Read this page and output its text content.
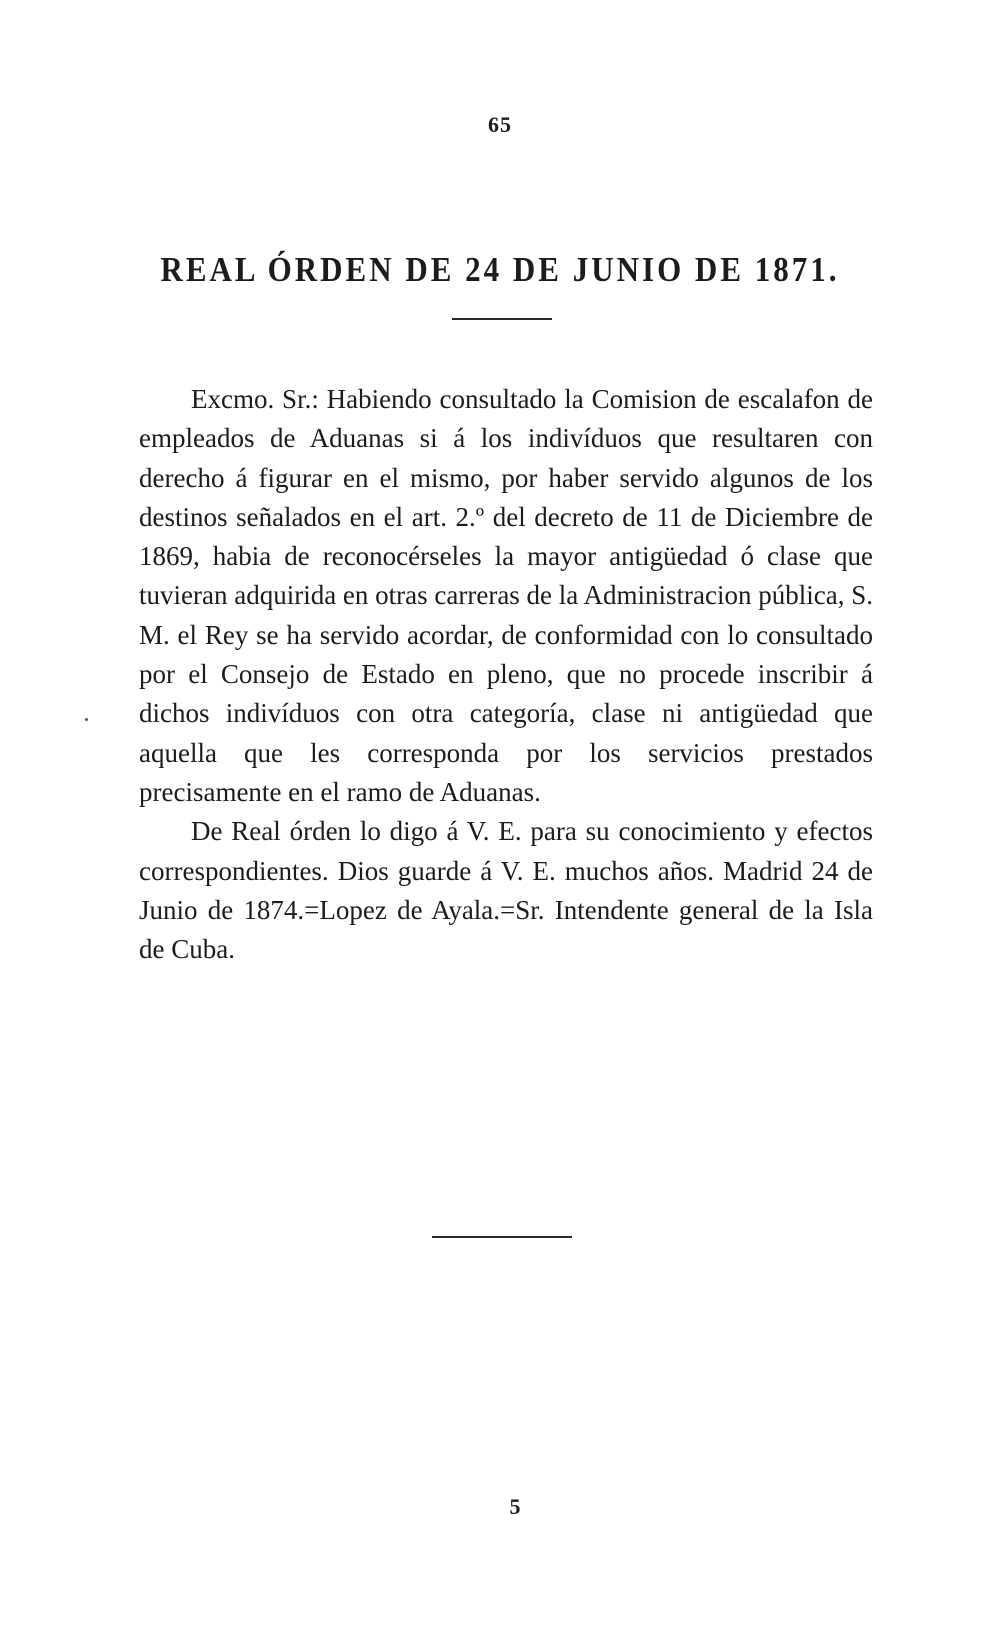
65
REAL ÓRDEN DE 24 DE JUNIO DE 1871.

Excmo. Sr.: Habiendo consultado la Comision de escalafon de empleados de Aduanas si á los indivíduos que resultaren con derecho á figurar en el mismo, por haber servido algunos de los destinos señalados en el art. 2.º del decreto de 11 de Diciembre de 1869, habia de reconocérseles la mayor antigüedad ó clase que tuvieran adquirida en otras carreras de la Administracion pública, S. M. el Rey se ha servido acordar, de conformidad con lo consultado por el Consejo de Estado en pleno, que no procede inscribir á dichos indivíduos con otra categoría, clase ni antigüedad que aquella que les corresponda por los servicios prestados precisamente en el ramo de Aduanas.

De Real órden lo digo á V. E. para su conocimiento y efectos correspondientes. Dios guarde á V. E. muchos años. Madrid 24 de Junio de 1874.=Lopez de Ayala.=Sr. Intendente general de la Isla de Cuba.

5
